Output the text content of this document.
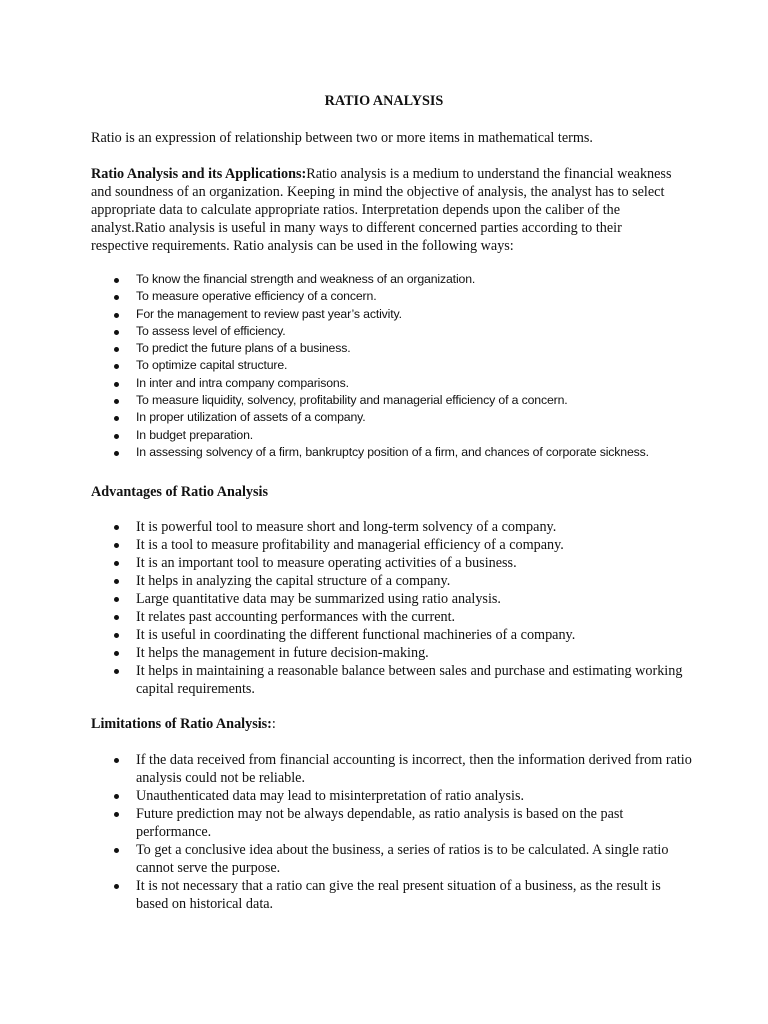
RATIO ANALYSIS

Ratio is an expression of relationship between two or more items in mathematical terms.

Ratio Analysis and its Applications:Ratio analysis is a medium to understand the financial weakness and soundness of an organization. Keeping in mind the objective of analysis, the analyst has to select appropriate data to calculate appropriate ratios. Interpretation depends upon the caliber of the analyst.Ratio analysis is useful in many ways to different concerned parties according to their respective requirements. Ratio analysis can be used in the following ways:

To know the financial strength and weakness of an organization.
To measure operative efficiency of a concern.
For the management to review past year’s activity.
To assess level of efficiency.
To predict the future plans of a business.
To optimize capital structure.
In inter and intra company comparisons.
To measure liquidity, solvency, profitability and managerial efficiency of a concern.
In proper utilization of assets of a company.
In budget preparation.
In assessing solvency of a firm, bankruptcy position of a firm, and chances of corporate sickness.

Advantages of Ratio Analysis

It is powerful tool to measure short and long-term solvency of a company.
It is a tool to measure profitability and managerial efficiency of a company.
It is an important tool to measure operating activities of a business.
It helps in analyzing the capital structure of a company.
Large quantitative data may be summarized using ratio analysis.
It relates past accounting performances with the current.
It is useful in coordinating the different functional machineries of a company.
It helps the management in future decision-making.
It helps in maintaining a reasonable balance between sales and purchase and estimating working capital requirements.

Limitations of Ratio Analysis::

If the data received from financial accounting is incorrect, then the information derived from ratio analysis could not be reliable.
Unauthenticated data may lead to misinterpretation of ratio analysis.
Future prediction may not be always dependable, as ratio analysis is based on the past performance.
To get a conclusive idea about the business, a series of ratios is to be calculated. A single ratio cannot serve the purpose.
It is not necessary that a ratio can give the real present situation of a business, as the result is based on historical data.
